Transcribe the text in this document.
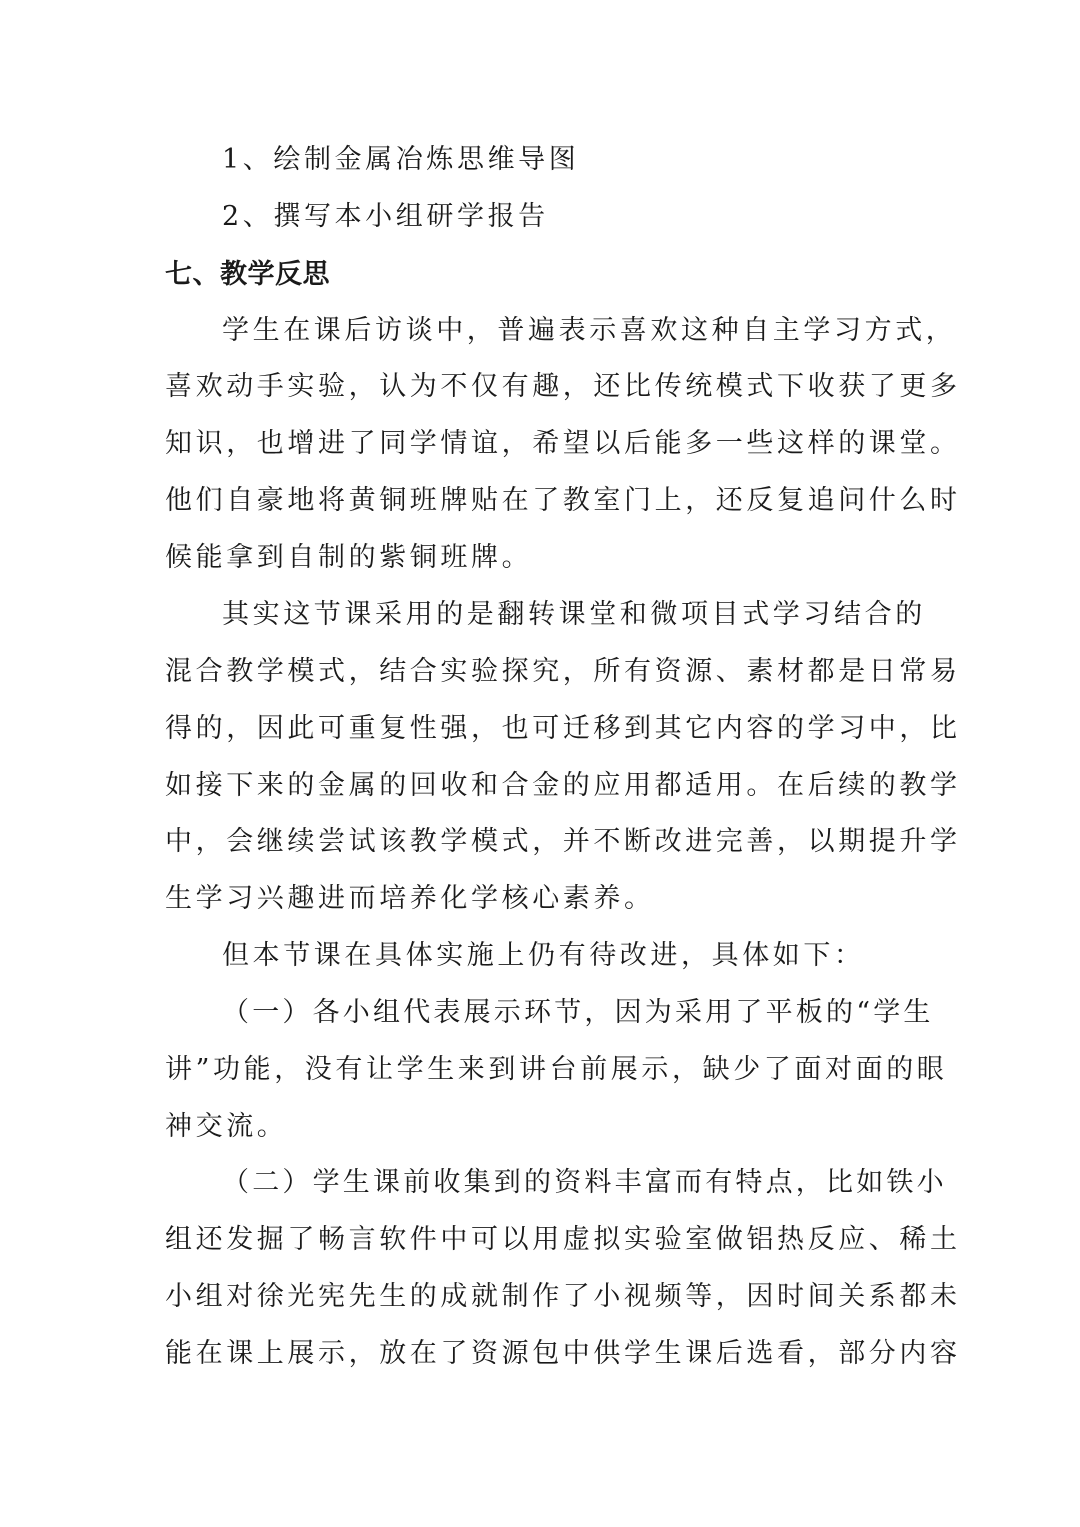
1、绘制金属冶炼思维导图
2、撰写本小组研学报告
七、教学反思
学生在课后访谈中，普遍表示喜欢这种自主学习方式，
喜欢动手实验，认为不仅有趣，还比传统模式下收获了更多
知识，也增进了同学情谊，希望以后能多一些这样的课堂。
他们自豪地将黄铜班牌贴在了教室门上，还反复追问什么时
候能拿到自制的紫铜班牌。
其实这节课采用的是翻转课堂和微项目式学习结合的
混合教学模式，结合实验探究，所有资源、素材都是日常易
得的，因此可重复性强，也可迁移到其它内容的学习中，比
如接下来的金属的回收和合金的应用都适用。在后续的教学
中，会继续尝试该教学模式，并不断改进完善，以期提升学
生学习兴趣进而培养化学核心素养。
但本节课在具体实施上仍有待改进，具体如下：
（一）各小组代表展示环节，因为采用了平板的“学生
讲”功能，没有让学生来到讲台前展示，缺少了面对面的眼
神交流。
（二）学生课前收集到的资料丰富而有特点，比如铁小
组还发掘了畅言软件中可以用虚拟实验室做铝热反应、稀土
小组对徐光宪先生的成就制作了小视频等，因时间关系都未
能在课上展示，放在了资源包中供学生课后选看，部分内容
